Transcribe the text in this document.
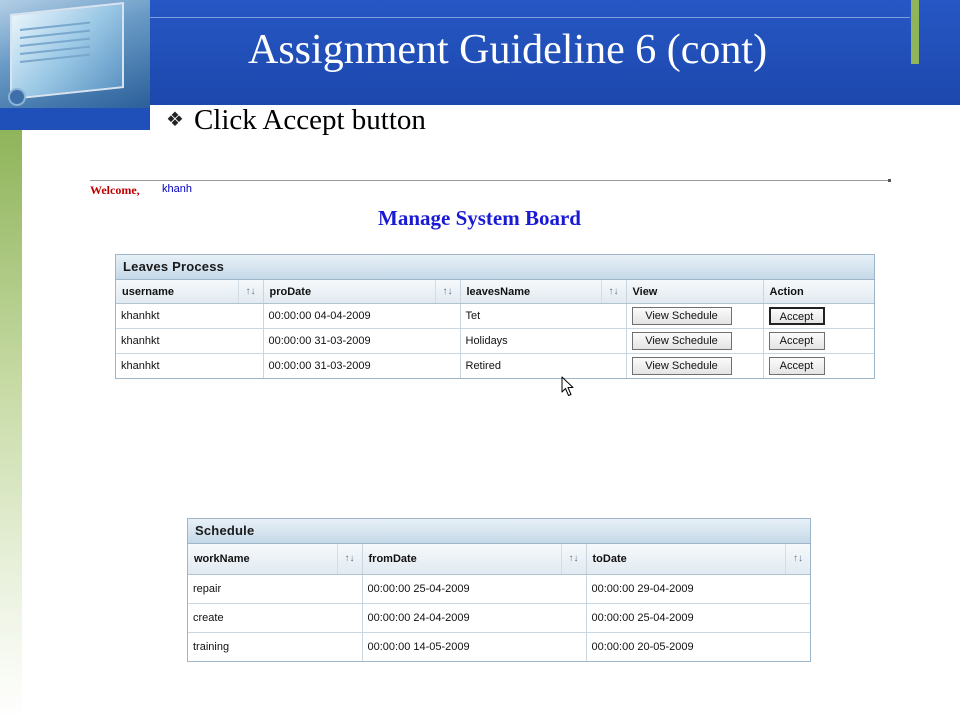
Assignment Guideline 6 (cont)
❖ Click Accept button
Welcome, khanh
Manage System Board
Leaves Process
username ↑↓	proDate ↑↓	leavesName ↑↓	View	Action
khanhkt	00:00:00 04-04-2009	Tet	View Schedule	Accept
khanhkt	00:00:00 31-03-2009	Holidays	View Schedule	Accept
khanhkt	00:00:00 31-03-2009	Retired	View Schedule	Accept
Schedule
workName ↑↓	fromDate ↑↓	toDate ↑↓

repair	00:00:00 25-04-2009	00:00:00 29-04-2009
create	00:00:00 24-04-2009	00:00:00 25-04-2009
training	00:00:00 14-05-2009	00:00:00 20-05-2009
